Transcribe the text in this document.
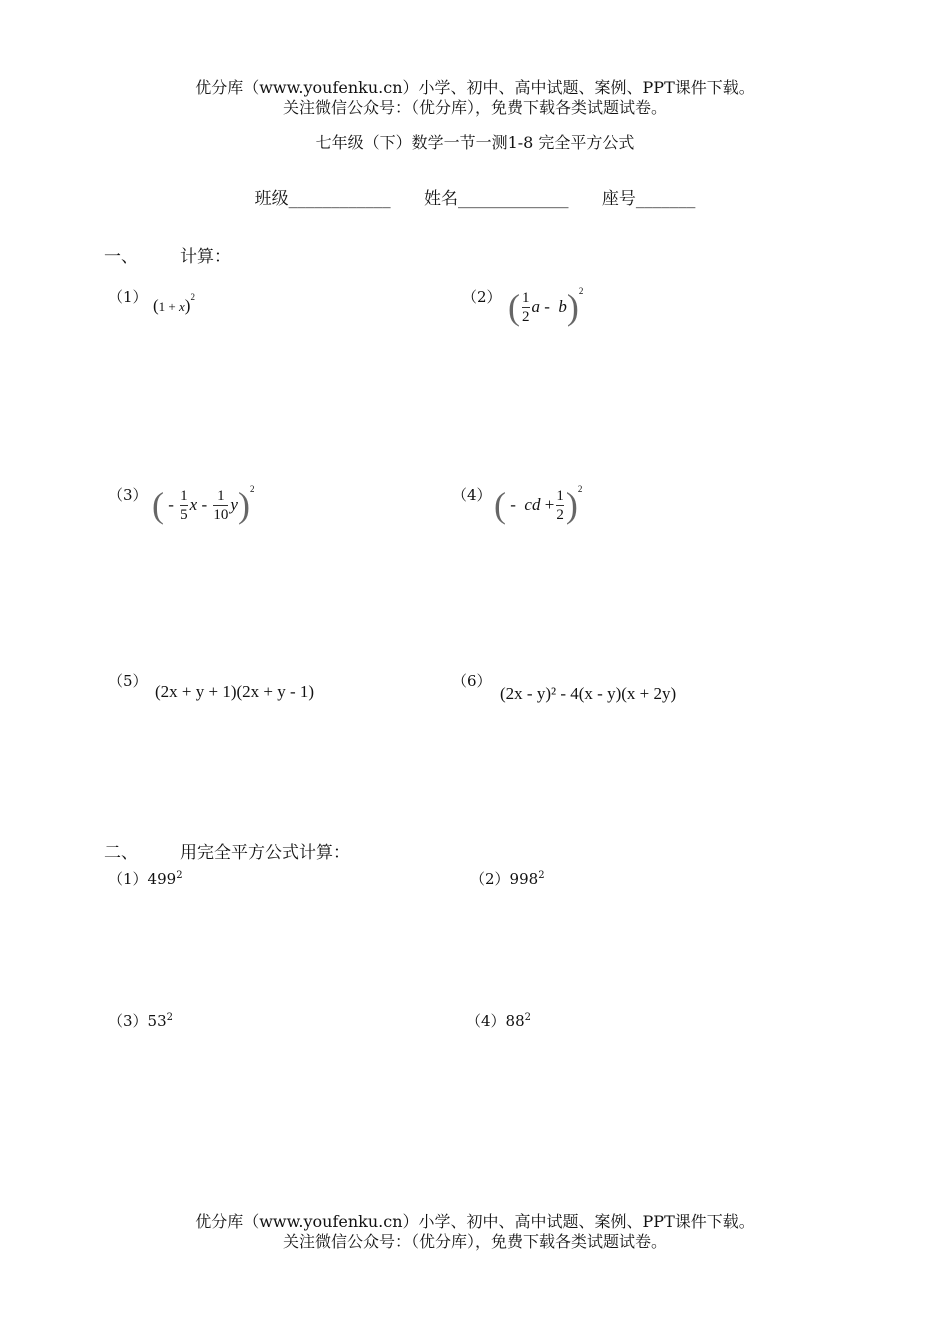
优分库（www.youfenku.cn）小学、初中、高中试题、案例、PPT课件下载。
关注微信公众号：（优分库），免费下载各类试题试卷。
七年级（下）数学一节一测1-8 完全平方公式
班级____________ 姓名_____________ 座号_______
一、 计算：
（1） $(1 + x)^2$	（2） ( $\frac{1}{2}$ a -  b ) 2
（3） ( - $\frac{1}{5}$ x - $\frac{1}{10}$ y ) 2	（4） ( -  cd + $\frac{1}{2}$ ) 2
（5）
(2x + y + 1)(2x + y - 1)
（6）
(2x - y)² - 4(x - y)(x + 2y)
二、 用完全平方公式计算：
$(1)499^2$	$(2)998^2$
$(3)53^2$	$(4)88^2$
优分库（www.youfenku.cn）小学、初中、高中试题、案例、PPT课件下载。
关注微信公众号：（优分库），免费下载各类试题试卷。
